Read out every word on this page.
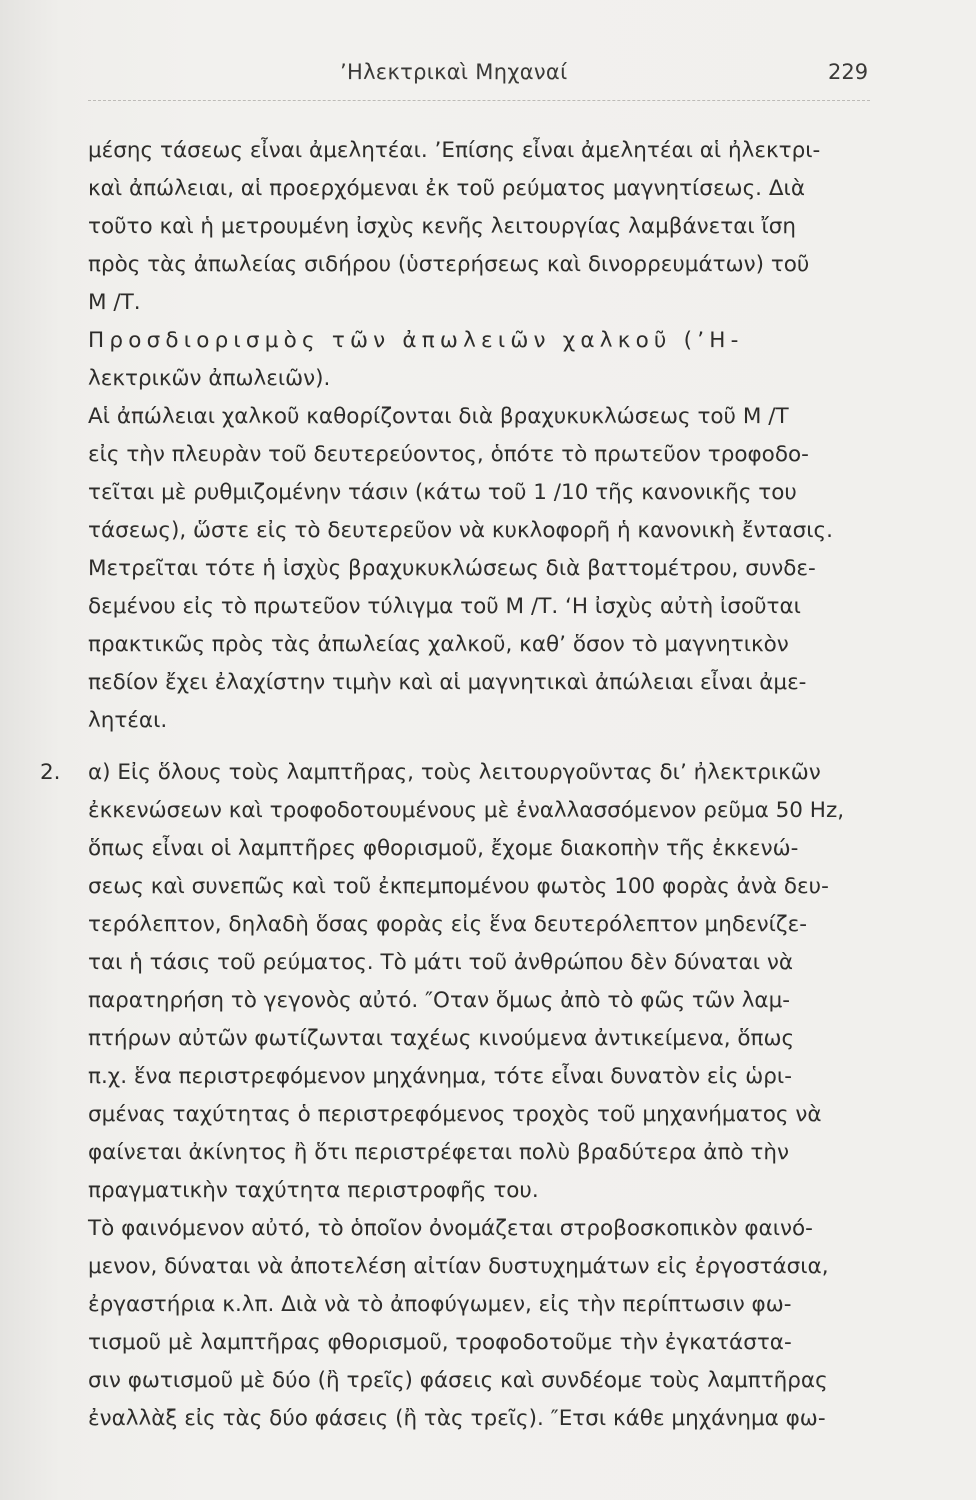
’Ηλεκτρικαὶ Μηχαναί	229

μέσης τάσεως εἶναι ἀμελητέαι. ’Επίσης εἶναι ἀμελητέαι αἱ ἠλεκτρι-

καὶ ἀπώλειαι, αἱ προερχόμεναι ἐκ τοῦ ρεύματος μαγνητίσεως. Διὰ

τοῦτο καὶ ἡ μετρουμένη ἰσχὺς κενῆς λειτουργίας λαμβάνεται ἴση

πρὸς τὰς ἀπωλείας σιδήρου (ὑστερήσεως καὶ δινορρευμάτων) τοῦ

Μ /Τ.

Προσδιορισμὸς τῶν ἀπωλειῶν χαλκοῦ (’Η-

λεκτρικῶν ἀπωλειῶν).

Αἱ ἀπώλειαι χαλκοῦ καθορίζονται διὰ βραχυκυκλώσεως τοῦ Μ /Τ

εἰς τὴν πλευρὰν τοῦ δευτερεύοντος, ὁπότε τὸ πρωτεῦον τροφοδο-

τεῖται μὲ ρυθμιζομένην τάσιν (κάτω τοῦ 1 /10 τῆς κανονικῆς του

τάσεως), ὥστε εἰς τὸ δευτερεῦον νὰ κυκλοφορῆ ἡ κανονικὴ ἔντασις.

Μετρεῖται τότε ἡ ἰσχὺς βραχυκυκλώσεως διὰ βαττομέτρου, συνδε-

δεμένου εἰς τὸ πρωτεῦον τύλιγμα τοῦ Μ /Τ. ‘Η ἰσχὺς αὐτὴ ἰσοῦται

πρακτικῶς πρὸς τὰς ἀπωλείας χαλκοῦ, καθ’ ὅσον τὸ μαγνητικὸν

πεδίον ἔχει ἐλαχίστην τιμὴν καὶ αἱ μαγνητικαὶ ἀπώλειαι εἶναι ἀμε-

λητέαι.

2. α) Εἰς ὅλους τοὺς λαμπτῆρας, τοὺς λειτουργοῦντας δι’ ἠλεκτρικῶν

ἐκκενώσεων καὶ τροφοδοτουμένους μὲ ἐναλλασσόμενον ρεῦμα 50 Hz,

ὅπως εἶναι οἱ λαμπτῆρες φθορισμοῦ, ἔχομε διακοπὴν τῆς ἐκκενώ-

σεως καὶ συνεπῶς καὶ τοῦ ἐκπεμπομένου φωτὸς 100 φορὰς ἀνὰ δευ-

τερόλεπτον, δηλαδὴ ὅσας φορὰς εἰς ἕνα δευτερόλεπτον μηδενίζε-

ται ἡ τάσις τοῦ ρεύματος. Τὸ μάτι τοῦ ἀνθρώπου δὲν δύναται νὰ

παρατηρήση τὸ γεγονὸς αὐτό. ″Οταν ὅμως ἀπὸ τὸ φῶς τῶν λαμ-

πτήρων αὐτῶν φωτίζωνται ταχέως κινούμενα ἀντικείμενα, ὅπως

π.χ. ἕνα περιστρεφόμενον μηχάνημα, τότε εἶναι δυνατὸν εἰς ὡρι-

σμένας ταχύτητας ὁ περιστρεφόμενος τροχὸς τοῦ μηχανήματος νὰ

φαίνεται ἀκίνητος ἢ ὅτι περιστρέφεται πολὺ βραδύτερα ἀπὸ τὴν

πραγματικὴν ταχύτητα περιστροφῆς του.

Τὸ φαινόμενον αὐτό, τὸ ὁποῖον ὀνομάζεται στροβοσκοπικὸν φαινό-

μενον, δύναται νὰ ἀποτελέση αἰτίαν δυστυχημάτων εἰς ἐργοστάσια,

ἐργαστήρια κ.λπ. Διὰ νὰ τὸ ἀποφύγωμεν, εἰς τὴν περίπτωσιν φω-

τισμοῦ μὲ λαμπτῆρας φθορισμοῦ, τροφοδοτοῦμε τὴν ἐγκατάστα-

σιν φωτισμοῦ μὲ δύο (ἢ τρεῖς) φάσεις καὶ συνδέομε τοὺς λαμπτῆρας

ἐναλλὰξ εἰς τὰς δύο φάσεις (ἢ τὰς τρεῖς). ″Ετσι κάθε μηχάνημα φω-
